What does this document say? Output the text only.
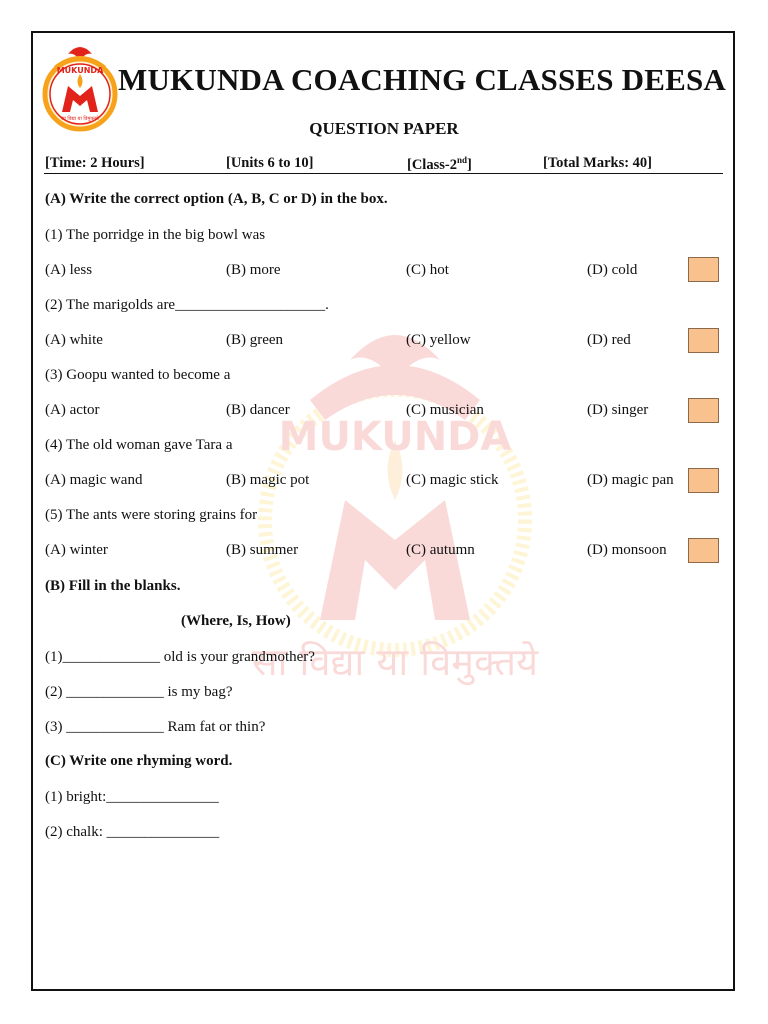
MUKUNDA
सा विद्या या विमुक्तये
MUKUNDA
सा विद्या या विमुक्तये
MUKUNDA COACHING CLASSES DEESA
QUESTION PAPER
[Time: 2 Hours]	[Units 6 to 10]	[Class-2nd]	[Total Marks: 40]
(A) Write the correct option (A, B, C or D) in the box.
(1) The porridge in the big bowl was
(A) less	(B) more	(C) hot	(D) cold
(2) The marigolds are____________________.
(A) white	(B) green	(C) yellow	(D) red
(3) Goopu wanted to become a
(A) actor	(B) dancer	(C) musician	(D) singer
(4) The old woman gave Tara a
(A) magic wand	(B) magic pot	(C) magic stick	(D) magic pan
(5) The ants were storing grains for
(A) winter	(B) summer	(C) autumn	(D) monsoon
(B) Fill in the blanks.
(Where, Is, How)
(1)_____________ old is your grandmother?
(2) _____________ is my bag?
(3) _____________ Ram fat or thin?
(C) Write one rhyming word.
(1) bright:_______________
(2) chalk: _______________
